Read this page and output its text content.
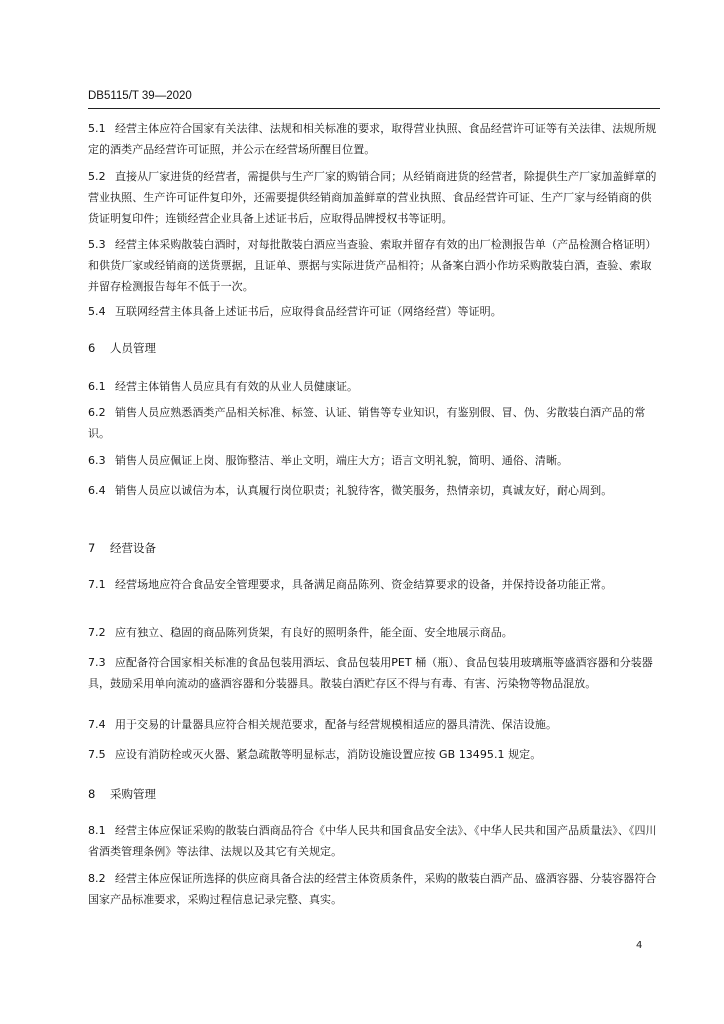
DB5115/T 39—2020

5.1 经营主体应符合国家有关法律、法规和相关标准的要求，取得营业执照、食品经营许可证等有关法律、法规所规定的酒类产品经营许可证照，并公示在经营场所醒目位置。

5.2 直接从厂家进货的经营者，需提供与生产厂家的购销合同；从经销商进货的经营者，除提供生产厂家加盖鲜章的营业执照、生产许可证件复印外，还需要提供经销商加盖鲜章的营业执照、食品经营许可证、生产厂家与经销商的供货证明复印件；连锁经营企业具备上述证书后，应取得品牌授权书等证明。

5.3 经营主体采购散装白酒时，对每批散装白酒应当查验、索取并留存有效的出厂检测报告单（产品检测合格证明）和供货厂家或经销商的送货票据，且证单、票据与实际进货产品相符；从备案白酒小作坊采购散装白酒，查验、索取并留存检测报告每年不低于一次。

5.4 互联网经营主体具备上述证书后，应取得食品经营许可证（网络经营）等证明。

6 人员管理

6.1 经营主体销售人员应具有有效的从业人员健康证。

6.2 销售人员应熟悉酒类产品相关标准、标签、认证、销售等专业知识，有鉴别假、冒、伪、劣散装白酒产品的常识。

6.3 销售人员应佩证上岗、服饰整洁、举止文明，端庄大方；语言文明礼貌，简明、通俗、清晰。

6.4 销售人员应以诚信为本，认真履行岗位职责；礼貌待客，微笑服务，热情亲切，真诚友好，耐心周到。

7 经营设备

7.1 经营场地应符合食品安全管理要求，具备满足商品陈列、资金结算要求的设备，并保持设备功能正常。

7.2 应有独立、稳固的商品陈列货架，有良好的照明条件，能全面、安全地展示商品。

7.3 应配备符合国家相关标准的食品包装用酒坛、食品包装用PET 桶（瓶）、食品包装用玻璃瓶等盛酒容器和分装器具，鼓励采用单向流动的盛酒容器和分装器具。散装白酒贮存区不得与有毒、有害、污染物等物品混放。

7.4 用于交易的计量器具应符合相关规范要求，配备与经营规模相适应的器具清洗、保洁设施。

7.5 应设有消防栓或灭火器、紧急疏散等明显标志，消防设施设置应按 GB 13495.1 规定。

8 采购管理

8.1 经营主体应保证采购的散装白酒商品符合《中华人民共和国食品安全法》、《中华人民共和国产品质量法》、《四川省酒类管理条例》等法律、法规以及其它有关规定。

8.2 经营主体应保证所选择的供应商具备合法的经营主体资质条件，采购的散装白酒产品、盛酒容器、分装容器符合国家产品标准要求，采购过程信息记录完整、真实。

4
